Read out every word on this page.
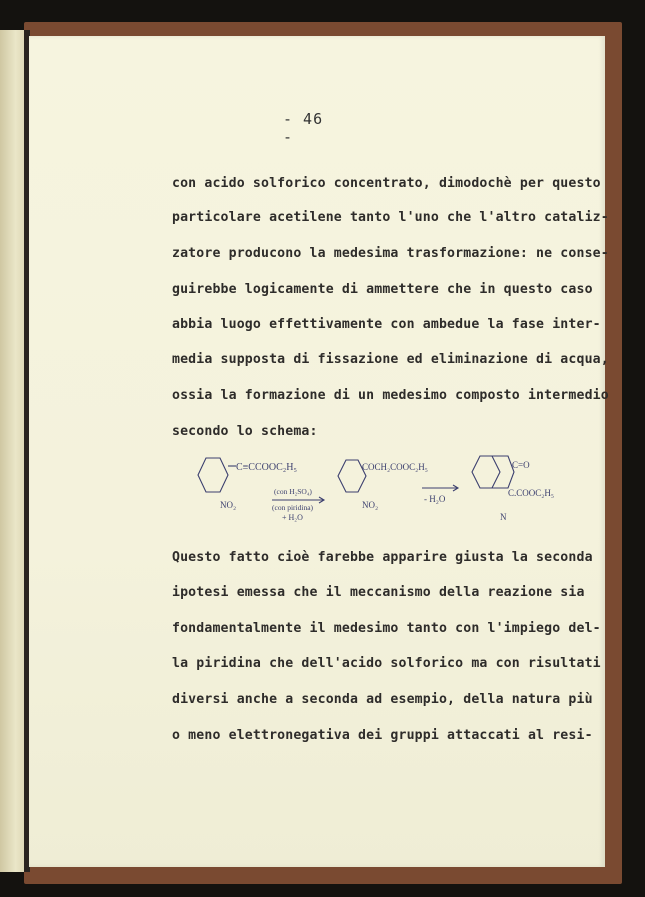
- 46 -
con acido solforico concentrato, dimodochè per questo
particolare acetilene tanto l'uno che l'altro cataliz-
zatore producono la medesima trasformazione: ne conse-
guirebbe logicamente di ammettere che in questo caso
abbia luogo effettivamente con ambedue la fase inter-
media supposta di fissazione ed eliminazione di acqua,
ossia la formazione di un medesimo composto intermedio
secondo lo schema:
C≡CCOOC₂H₅
NO₂
(con H₂SO₄)
(con piridina)
+ H₂O
COCH₂COOC₂H₅
NO₂
- H₂O
C=O
C.COOC₂H₅
N
Questo fatto cioè farebbe apparire giusta la seconda
ipotesi emessa che il meccanismo della reazione sia
fondamentalmente il medesimo tanto con l'impiego del-
la piridina che dell'acido solforico ma con risultati
diversi anche a seconda ad esempio, della natura più
o meno elettronegativa dei gruppi attaccati al resi-
